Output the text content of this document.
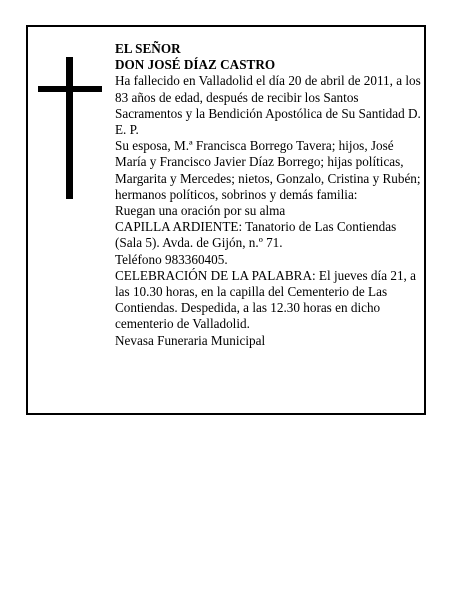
EL SEÑOR

DON JOSÉ DÍAZ CASTRO

Ha fallecido en Valladolid el día 20 de abril de 2011, a los 83 años de edad, después de recibir los Santos Sacramentos y la Bendición Apostólica de Su Santidad D. E. P.

Su esposa, M.ª Francisca Borrego Tavera; hijos, José María y Francisco Javier Díaz Borrego; hijas políticas, Margarita y Mercedes; nietos, Gonzalo, Cristina y Rubén; hermanos políticos, sobrinos y demás familia:

Ruegan una oración por su alma

CAPILLA ARDIENTE: Tanatorio de Las Contiendas (Sala 5). Avda. de Gijón, n.º 71.

Teléfono 983360405.

CELEBRACIÓN DE LA PALABRA: El jueves día 21, a las 10.30 horas, en la capilla del Cementerio de Las Contiendas. Despedida, a las 12.30 horas en dicho cementerio de Valladolid.

Nevasa Funeraria Municipal
